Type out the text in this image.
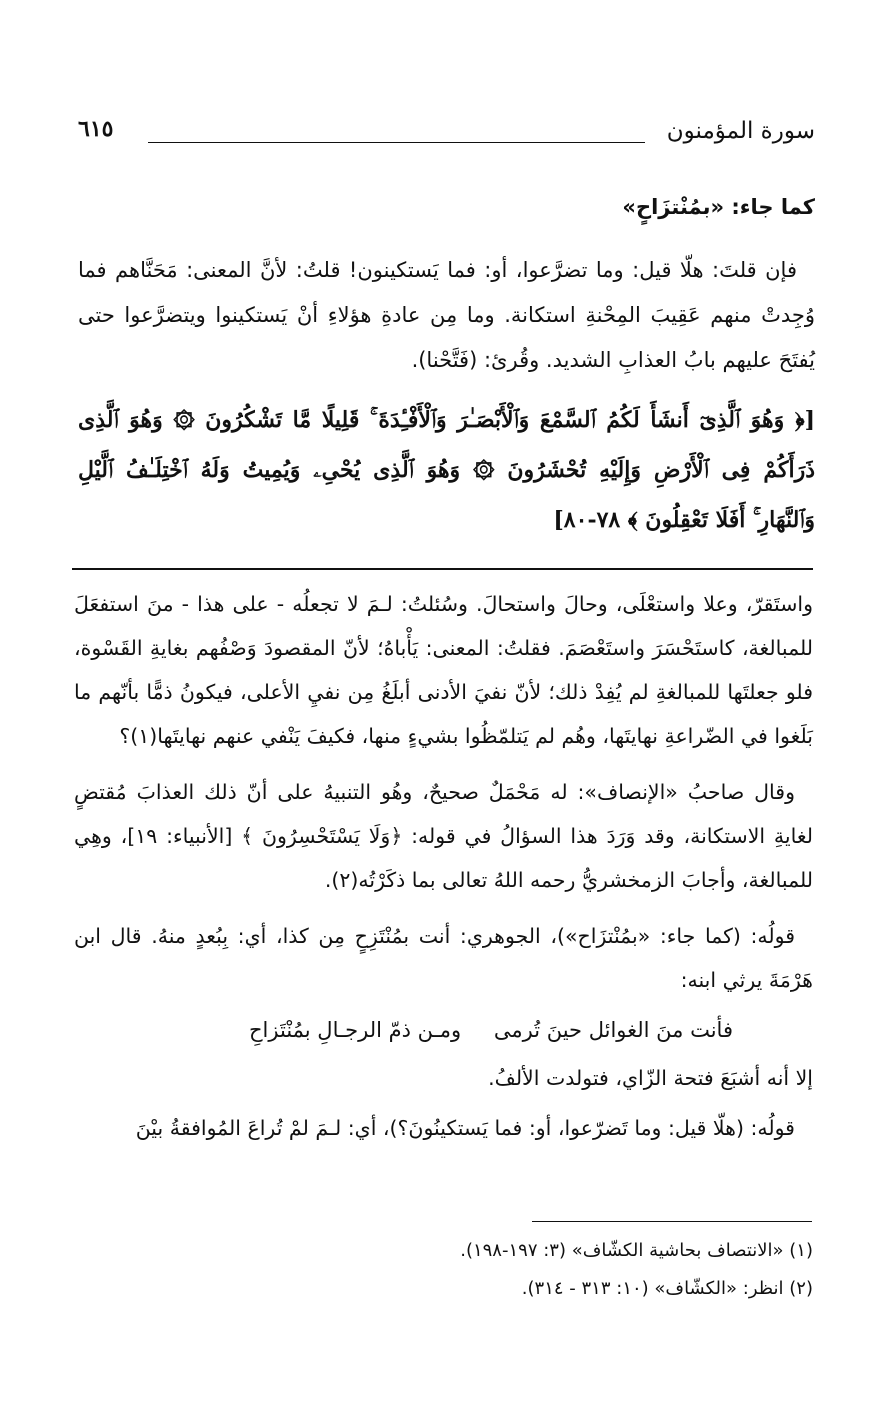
سورة المؤمنون
٦١٥

كما جاء: «بمُنْتزَاحٍ»

فإن قلتَ: هلّا قيل: وما تضرَّعوا، أو: فما يَستكينون! قلتُ: لأنَّ المعنى: مَحَنَّاهم فما وُجِدتْ منهم عَقِيبَ المِحْنةِ استكانة. وما مِن عادةِ هؤلاءِ أنْ يَستكينوا ويتضرَّعوا حتى يُفتَحَ عليهم بابُ العذابِ الشديد. وقُرئ: (فَتَّحْنا).

[﴿ وَهُوَ ٱلَّذِىٓ أَنشَأَ لَكُمُ ٱلسَّمْعَ وَٱلْأَبْصَـٰرَ وَٱلْأَفْـِٔدَةَ ۚ قَلِيلًا مَّا تَشْكُرُونَ ۞ وَهُوَ ٱلَّذِى ذَرَأَكُمْ فِى ٱلْأَرْضِ وَإِلَيْهِ تُحْشَرُونَ ۞ وَهُوَ ٱلَّذِى يُحْىِۦ وَيُمِيتُ وَلَهُ ٱخْتِلَـٰفُ ٱلَّيْلِ وَٱلنَّهَارِ ۚ أَفَلَا تَعْقِلُونَ ﴾ ٧٨-٨٠]

واستَقرّ، وعلا واستعْلَى، وحالَ واستحالَ. وسُئلتُ: لـمَ لا تجعلُه - على هذا - منَ استفعَلَ للمبالغة، كاستَحْسَرَ واستَعْصَمَ. فقلتُ: المعنى: يَأْباهُ؛ لأنّ المقصودَ وَصْفُهم بغايةِ القَسْوة، فلو جعلتَها للمبالغةِ لم يُفِدْ ذلك؛ لأنّ نفيَ الأدنى أبلَغُ مِن نفيِ الأعلى، فيكونُ ذمًّا بأنّهم ما بَلَغوا في الضّراعةِ نهايتَها، وهُم لم يَتلمّظُوا بشيءٍ منها، فكيفَ يَنْفي عنهم نهايتَها(١)؟

وقال صاحبُ «الإنصاف»: له مَحْمَلٌ صحيحٌ، وهُو التنبيهُ على أنّ ذلك العذابَ مُقتضٍ لغايةِ الاستكانة، وقد وَرَدَ هذا السؤالُ في قوله: ﴿وَلَا يَسْتَحْسِرُونَ ﴾ [الأنبياء: ١٩]، وهِي للمبالغة، وأجابَ الزمخشريُّ رحمه اللهُ تعالى بما ذكَرْتُه(٢).

قولُه: (كما جاء: «بمُنْتزَاح»)، الجوهري: أنت بمُنْتَزِحٍ مِن كذا، أي: بِبُعدٍ منهُ. قال ابن هَرْمَةَ يرثي ابنه:

فأنت منَ الغوائل حينَ تُرمى
ومـن ذمّ الرجـالِ بمُنْتَزاحِ

إلا أنه أشبَعَ فتحة الزّاي، فتولدت الألفُ.

قولُه: (هلّا قيل: وما تَضرّعوا، أو: فما يَستكينُونَ؟)، أي: لـمَ لمْ تُراعَ المُوافقةُ بيْنَ

(١) «الانتصاف بحاشية الكشّاف» (٣: ١٩٧-١٩٨).
(٢) انظر: «الكشّاف» (١٠: ٣١٣ - ٣١٤).
